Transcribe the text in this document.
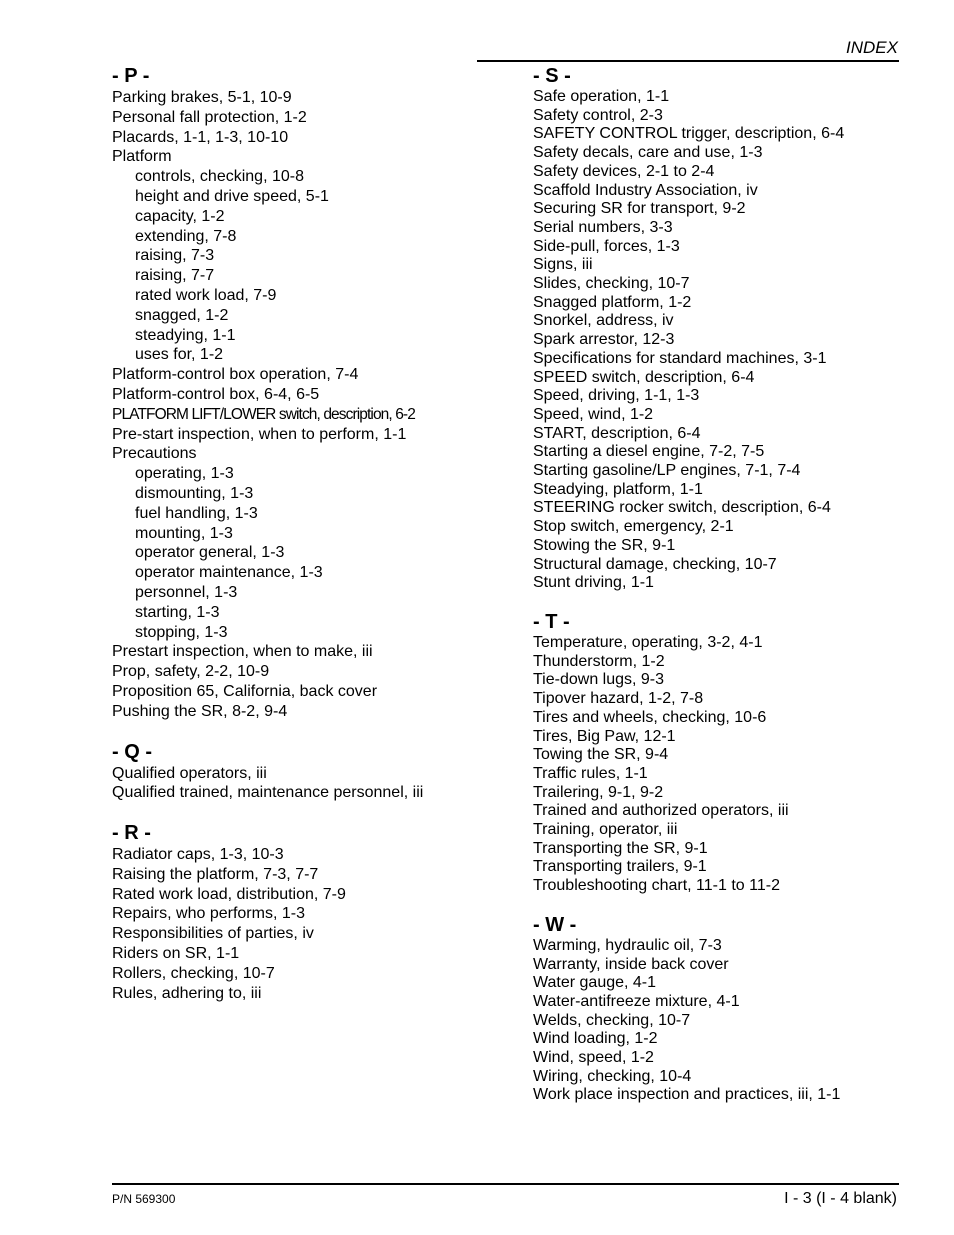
INDEX
- P -
Parking brakes, 5-1, 10-9
Personal fall protection, 1-2
Placards, 1-1, 1-3, 10-10
Platform
controls, checking, 10-8
height and drive speed, 5-1
capacity, 1-2
extending, 7-8
raising, 7-3
raising, 7-7
rated work load, 7-9
snagged, 1-2
steadying, 1-1
uses for, 1-2
Platform-control box operation, 7-4
Platform-control box, 6-4, 6-5
PLATFORM LIFT/LOWER switch, description, 6-2
Pre-start inspection, when to perform, 1-1
Precautions
operating, 1-3
dismounting, 1-3
fuel handling, 1-3
mounting, 1-3
operator general, 1-3
operator maintenance, 1-3
personnel, 1-3
starting, 1-3
stopping, 1-3
Prestart inspection, when to make, iii
Prop, safety, 2-2, 10-9
Proposition 65, California, back cover
Pushing the SR, 8-2, 9-4
- Q -
Qualified operators, iii
Qualified trained, maintenance personnel, iii
- R -
Radiator caps, 1-3, 10-3
Raising the platform, 7-3, 7-7
Rated work load, distribution, 7-9
Repairs, who performs, 1-3
Responsibilities of parties, iv
Riders on SR, 1-1
Rollers, checking, 10-7
Rules, adhering to, iii
- S -
Safe operation, 1-1
Safety control, 2-3
SAFETY CONTROL trigger, description, 6-4
Safety decals, care and use, 1-3
Safety devices, 2-1 to 2-4
Scaffold Industry Association, iv
Securing SR for transport, 9-2
Serial numbers, 3-3
Side-pull, forces, 1-3
Signs, iii
Slides, checking, 10-7
Snagged platform, 1-2
Snorkel, address, iv
Spark arrestor, 12-3
Specifications for standard machines, 3-1
SPEED switch, description, 6-4
Speed, driving, 1-1, 1-3
Speed, wind, 1-2
START, description, 6-4
Starting a diesel engine, 7-2, 7-5
Starting gasoline/LP engines, 7-1, 7-4
Steadying, platform, 1-1
STEERING rocker switch, description, 6-4
Stop switch, emergency, 2-1
Stowing the SR, 9-1
Structural damage, checking, 10-7
Stunt driving, 1-1
- T -
Temperature, operating, 3-2, 4-1
Thunderstorm, 1-2
Tie-down lugs, 9-3
Tipover hazard, 1-2, 7-8
Tires and wheels, checking, 10-6
Tires, Big Paw, 12-1
Towing the SR, 9-4
Traffic rules, 1-1
Trailering, 9-1, 9-2
Trained and authorized operators, iii
Training, operator, iii
Transporting the SR, 9-1
Transporting trailers, 9-1
Troubleshooting chart, 11-1 to 11-2
- W -
Warming, hydraulic oil, 7-3
Warranty, inside back cover
Water gauge, 4-1
Water-antifreeze mixture, 4-1
Welds, checking, 10-7
Wind loading, 1-2
Wind, speed, 1-2
Wiring, checking, 10-4
Work place inspection and practices, iii, 1-1
P/N 569300	I - 3 (I - 4 blank)
